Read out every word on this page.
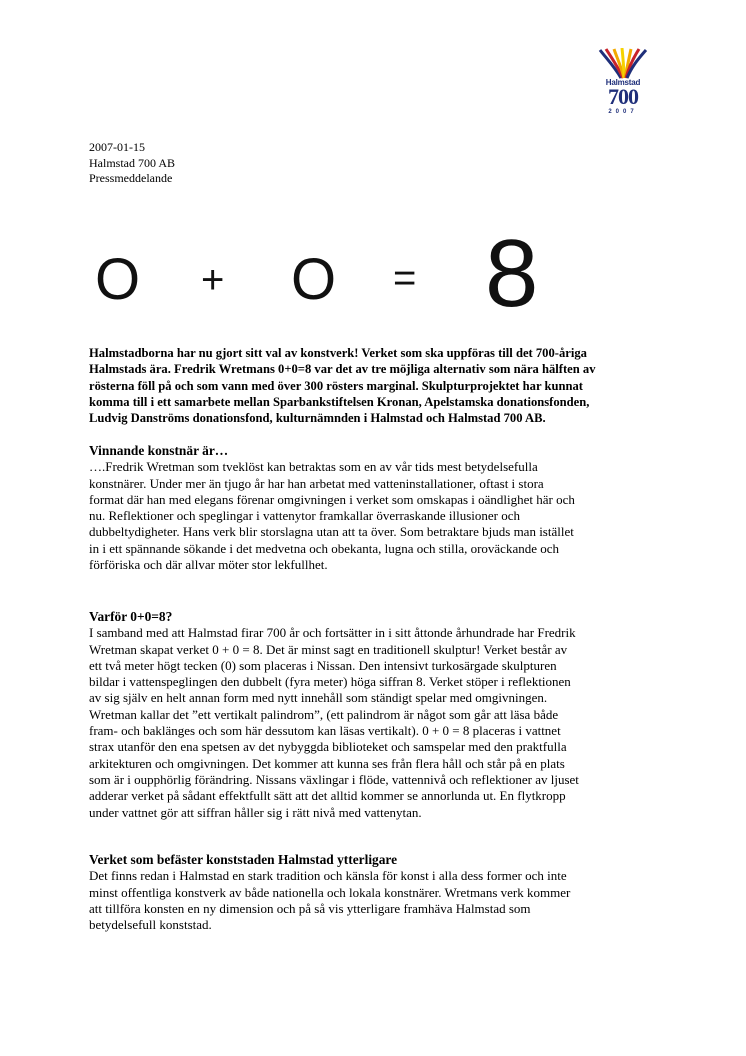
Halmstad
700
2007
2007-01-15
Halmstad 700 AB
Pressmeddelande
O + O = 8
Halmstadborna har nu gjort sitt val av konstverk! Verket som ska uppföras till det 700-åriga
Halmstads ära. Fredrik Wretmans 0+0=8 var det av tre möjliga alternativ som nära hälften av
rösterna föll på och som vann med över 300 rösters marginal. Skulpturprojektet har kunnat
komma till i ett samarbete mellan Sparbankstiftelsen Kronan, Apelstamska donationsfonden,
Ludvig Danströms donationsfond, kulturnämnden i Halmstad och Halmstad 700 AB.
Vinnande konstnär är…
….Fredrik Wretman som tveklöst kan betraktas som en av vår tids mest betydelsefulla
konstnärer. Under mer än tjugo år har han arbetat med vatteninstallationer, oftast i stora
format där han med elegans förenar omgivningen i verket som omskapas i oändlighet här och
nu. Reflektioner och speglingar i vattenytor framkallar överraskande illusioner och
dubbeltydigheter. Hans verk blir storslagna utan att ta över. Som betraktare bjuds man istället
in i ett spännande sökande i det medvetna och obekanta, lugna och stilla, oroväckande och
förföriska och där allvar möter stor lekfullhet.
Varför 0+0=8?
I samband med att Halmstad firar 700 år och fortsätter in i sitt åttonde århundrade har Fredrik
Wretman skapat verket 0 + 0 = 8. Det är minst sagt en traditionell skulptur! Verket består av
ett två meter högt tecken (0) som placeras i Nissan. Den intensivt turkosärgade skulpturen
bildar i vattenspeglingen den dubbelt (fyra meter) höga siffran 8. Verket stöper i reflektionen
av sig själv en helt annan form med nytt innehåll som ständigt spelar med omgivningen.
Wretman kallar det ”ett vertikalt palindrom”, (ett palindrom är något som går att läsa både
fram- och baklänges och som här dessutom kan läsas vertikalt). 0 + 0 = 8 placeras i vattnet
strax utanför den ena spetsen av det nybyggda biblioteket och samspelar med den praktfulla
arkitekturen och omgivningen. Det kommer att kunna ses från flera håll och står på en plats
som är i oupphörlig förändring. Nissans växlingar i flöde, vattennivå och reflektioner av ljuset
adderar verket på sådant effektfullt sätt att det alltid kommer se annorlunda ut. En flytkropp
under vattnet gör att siffran håller sig i rätt nivå med vattenytan.
Verket som befäster konststaden Halmstad ytterligare
Det finns redan i Halmstad en stark tradition och känsla för konst i alla dess former och inte
minst offentliga konstverk av både nationella och lokala konstnärer. Wretmans verk kommer
att tillföra konsten en ny dimension och på så vis ytterligare framhäva Halmstad som
betydelsefull konststad.
